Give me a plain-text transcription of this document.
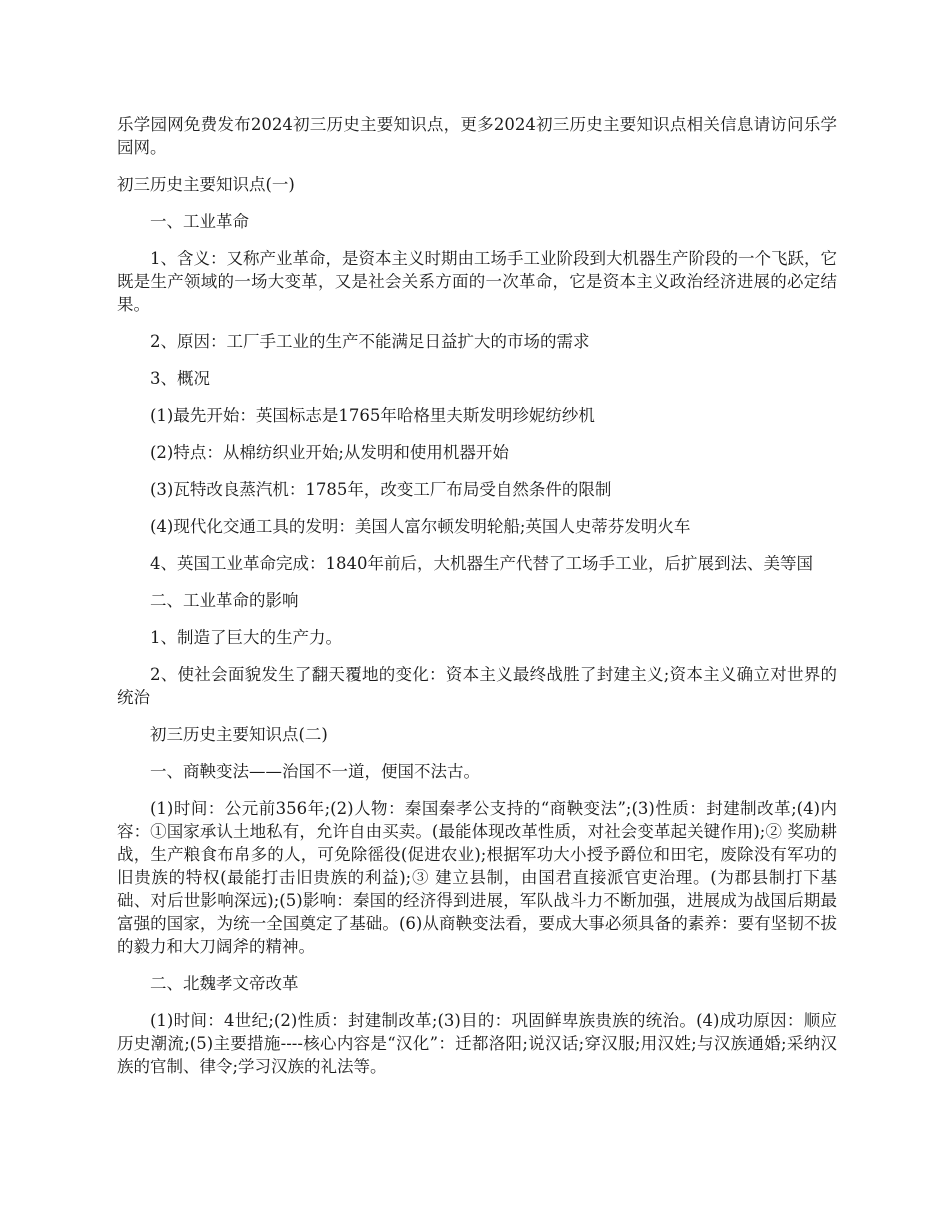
乐学园网免费发布2024初三历史主要知识点，更多2024初三历史主要知识点相关信息请访问乐学园网。

初三历史主要知识点(一)

一、工业革命

1、含义：又称产业革命，是资本主义时期由工场手工业阶段到大机器生产阶段的一个飞跃，它既是生产领域的一场大变革，又是社会关系方面的一次革命，它是资本主义政治经济进展的必定结果。

2、原因：工厂手工业的生产不能满足日益扩大的市场的需求

3、概况

(1)最先开始：英国标志是1765年哈格里夫斯发明珍妮纺纱机

(2)特点：从棉纺织业开始;从发明和使用机器开始

(3)瓦特改良蒸汽机：1785年，改变工厂布局受自然条件的限制

(4)现代化交通工具的发明：美国人富尔顿发明轮船;英国人史蒂芬发明火车

4、英国工业革命完成：1840年前后，大机器生产代替了工场手工业，后扩展到法、美等国

二、工业革命的影响

1、制造了巨大的生产力。

2、使社会面貌发生了翻天覆地的变化：资本主义最终战胜了封建主义;资本主义确立对世界的统治

初三历史主要知识点(二)

一、商鞅变法——治国不一道，便国不法古。

(1)时间：公元前356年;(2)人物：秦国秦孝公支持的“商鞅变法”;(3)性质：封建制改革;(4)内容：①国家承认土地私有，允许自由买卖。(最能体现改革性质，对社会变革起关键作用);② 奖励耕战，生产粮食布帛多的人，可免除徭役(促进农业);根据军功大小授予爵位和田宅，废除没有军功的旧贵族的特权(最能打击旧贵族的利益);③ 建立县制，由国君直接派官吏治理。(为郡县制打下基础、对后世影响深远);(5)影响：秦国的经济得到进展，军队战斗力不断加强，进展成为战国后期最富强的国家，为统一全国奠定了基础。(6)从商鞅变法看，要成大事必须具备的素养：要有坚韧不拔的毅力和大刀阔斧的精神。

二、北魏孝文帝改革

(1)时间：4世纪;(2)性质：封建制改革;(3)目的：巩固鲜卑族贵族的统治。(4)成功原因：顺应历史潮流;(5)主要措施----核心内容是“汉化”：迁都洛阳;说汉话;穿汉服;用汉姓;与汉族通婚;采纳汉族的官制、律令;学习汉族的礼法等。
